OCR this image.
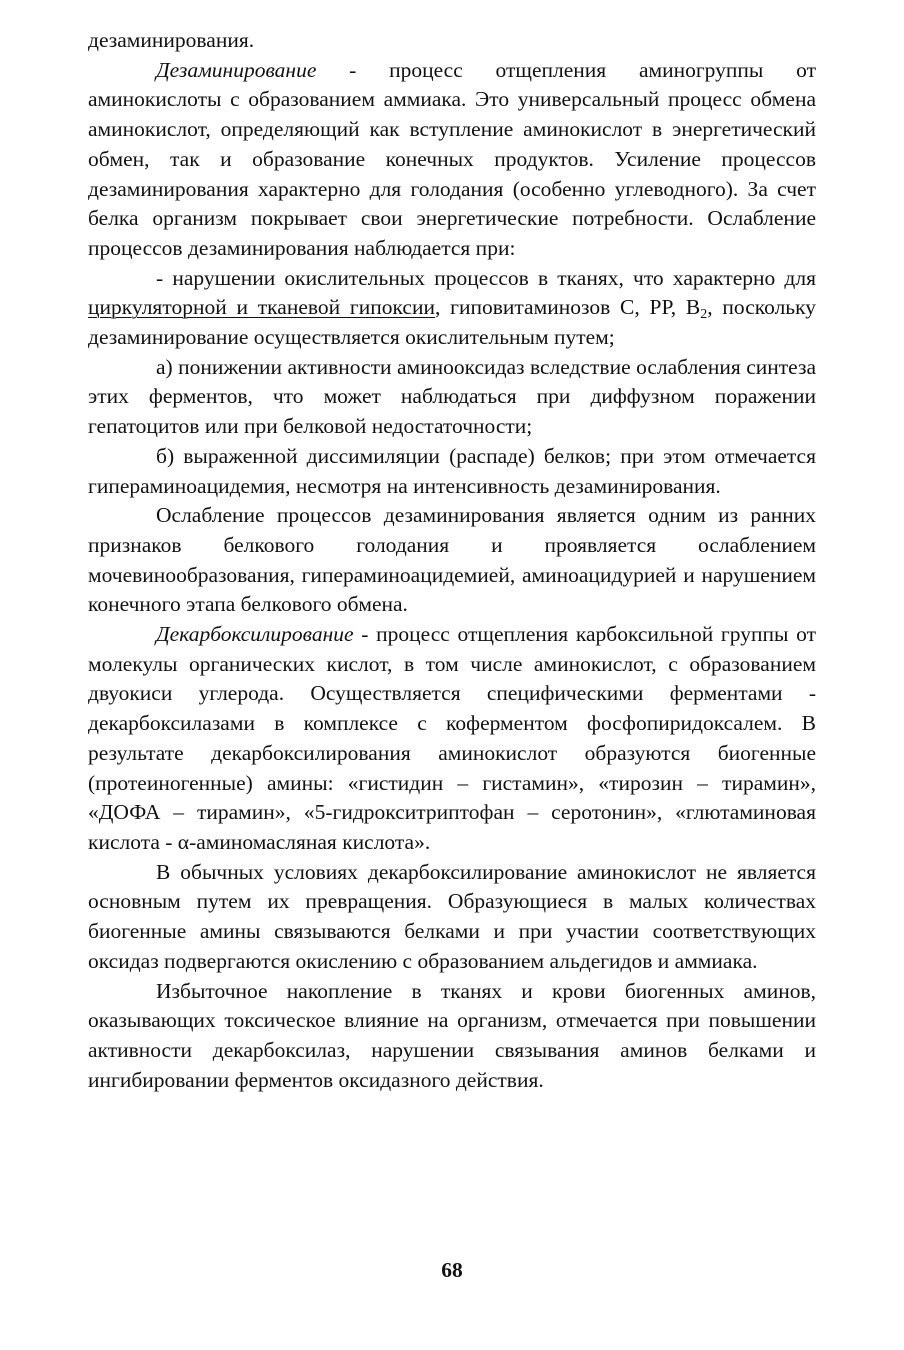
дезаминирования.

Дезаминирование - процесс отщепления аминогруппы от аминокислоты с образованием аммиака. Это универсальный процесс обмена аминокислот, определяющий как вступление аминокислот в энергетический обмен, так и образование конечных продуктов. Усиление процессов дезаминирования характерно для голодания (особенно углеводного). За счет белка организм покрывает свои энергетические потребности. Ослабление процессов дезаминирования наблюдается при:

- нарушении окислительных процессов в тканях, что характерно для циркуляторной и тканевой гипоксии, гиповитаминозов С, РР, $В_2$, поскольку дезаминирование осуществляется окислительным путем;

а) понижении активности аминооксидаз вследствие ослабления синтеза этих ферментов, что может наблюдаться при диффузном поражении гепатоцитов или при белковой недостаточности;

б) выраженной диссимиляции (распаде) белков; при этом отмечается гипераминоацидемия, несмотря на интенсивность дезаминирования.

Ослабление процессов дезаминирования является одним из ранних признаков белкового голодания и проявляется ослаблением мочевинообразования, гипераминоацидемией, аминоацидурией и нарушением конечного этапа белкового обмена.

Декарбоксилирование - процесс отщепления карбоксильной группы от молекулы органических кислот, в том числе аминокислот, с образованием двуокиси углерода. Осуществляется специфическими ферментами - декарбоксилазами в комплексе с коферментом фосфопиридоксалем. В результате декарбоксилирования аминокислот образуются биогенные (протеиногенные) амины: «гистидин – гистамин», «тирозин – тирамин», «ДОФА – тирамин», «5-гидрокситриптофан – серотонин», «глютаминовая кислота - α-аминомасляная кислота».

В обычных условиях декарбоксилирование аминокислот не является основным путем их превращения. Образующиеся в малых количествах биогенные амины связываются белками и при участии соответствующих оксидаз подвергаются окислению с образованием альдегидов и аммиака.

Избыточное накопление в тканях и крови биогенных аминов, оказывающих токсическое влияние на организм, отмечается при повышении активности декарбоксилаз, нарушении связывания аминов белками и ингибировании ферментов оксидазного действия.

68
